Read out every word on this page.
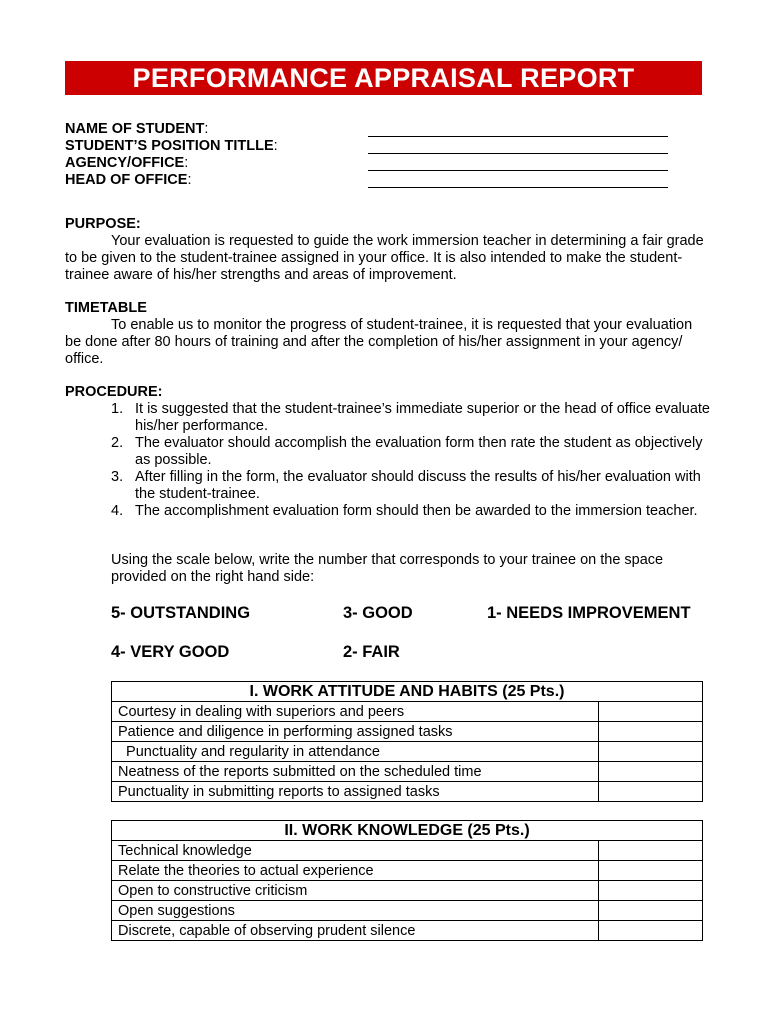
PERFORMANCE APPRAISAL REPORT
NAME OF STUDENT:
STUDENT’S POSITION TITLLE:
AGENCY/OFFICE:
HEAD OF OFFICE:
PURPOSE:

Your evaluation is requested to guide the work immersion teacher in determining a fair grade to be given to the student-trainee assigned in your office. It is also intended to make the student-trainee aware of his/her strengths and areas of improvement.

TIMETABLE

To enable us to monitor the progress of student-trainee, it is requested that your evaluation be done after 80 hours of training and after the completion of his/her assignment in your agency/ office.

PROCEDURE:
1. It is suggested that the student-trainee’s immediate superior or the head of office evaluate his/her performance.
2. The evaluator should accomplish the evaluation form then rate the student as objectively as possible.
3. After filling in the form, the evaluator should discuss the results of his/her evaluation with the student-trainee.
4. The accomplishment evaluation form should then be awarded to the immersion teacher.

Using the scale below, write the number that corresponds to your trainee on the space provided on the right hand side:

5- OUTSTANDING	3- GOOD	1- NEEDS IMPROVEMENT
4- VERY GOOD	2- FAIR
I. WORK ATTITUDE AND HABITS (25 Pts.)	
Courtesy in dealing with superiors and peers	
Patience and diligence in performing assigned tasks	
Punctuality and regularity in attendance	
Neatness of the reports submitted on the scheduled time	
Punctuality in submitting reports to assigned tasks	
II. WORK KNOWLEDGE (25 Pts.)	
Technical knowledge	
Relate the theories to actual experience	
Open to constructive criticism	
Open suggestions	
Discrete, capable of observing prudent silence	
